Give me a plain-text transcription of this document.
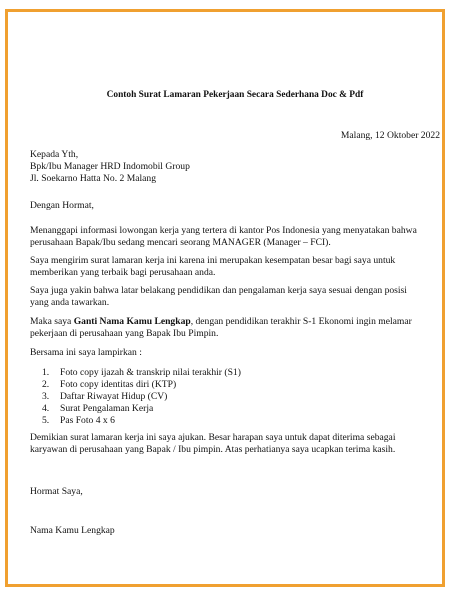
Contoh Surat Lamaran Pekerjaan Secara Sederhana Doc & Pdf
Malang, 12 Oktober 2022

Kepada Yth,

Bpk/Ibu Manager HRD Indomobil Group

Jl. Soekarno Hatta No. 2 Malang

Dengan Hormat,

Menanggapi informasi lowongan kerja yang tertera di kantor Pos Indonesia yang menyatakan bahwa

perusahaan Bapak/Ibu sedang mencari seorang MANAGER (Manager – FCI).

Saya mengirim surat lamaran kerja ini karena ini merupakan kesempatan besar bagi saya untuk

memberikan yang terbaik bagi perusahaan anda.

Saya juga yakin bahwa latar belakang pendidikan dan pengalaman kerja saya sesuai dengan posisi

yang anda tawarkan.

Maka saya Ganti Nama Kamu Lengkap, dengan pendidikan terakhir S-1 Ekonomi ingin melamar

pekerjaan di perusahaan yang Bapak Ibu Pimpin.

Bersama ini saya lampirkan :

1.	Foto copy ijazah & transkrip nilai terakhir (S1)
2.	Foto copy identitas diri (KTP)
3.	Daftar Riwayat Hidup (CV)
4.	Surat Pengalaman Kerja
5.	Pas Foto 4 x 6

Demikian surat lamaran kerja ini saya ajukan. Besar harapan saya untuk dapat diterima sebagai

karyawan di perusahaan yang Bapak / Ibu pimpin. Atas perhatianya saya ucapkan terima kasih.

Hormat Saya,

Nama Kamu Lengkap
